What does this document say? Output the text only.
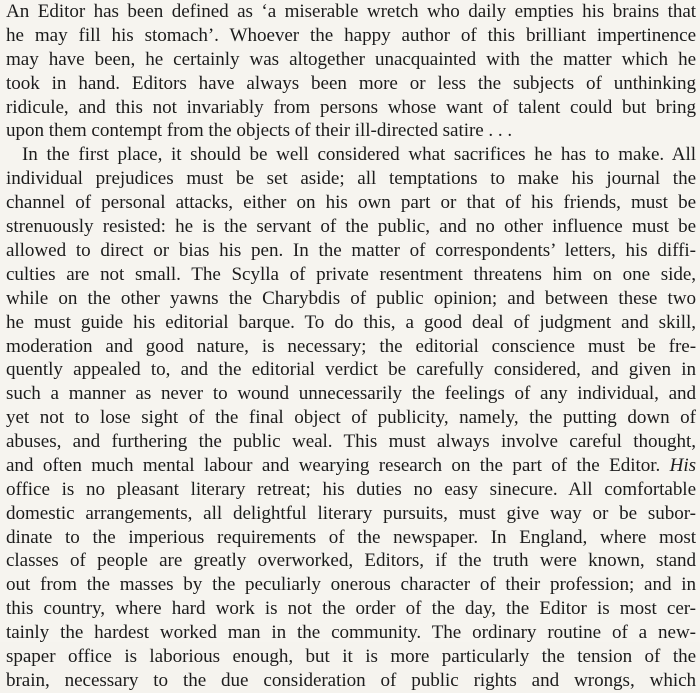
An Editor has been defined as ‘a miserable wretch who daily empties his brains that
he may fill his stomach’. Whoever the happy author of this brilliant impertinence
may have been, he certainly was altogether unacquainted with the matter which he
took in hand. Editors have always been more or less the subjects of unthinking
ridicule, and this not invariably from persons whose want of talent could but bring
upon them contempt from the objects of their ill-directed satire . . .
In the first place, it should be well considered what sacrifices he has to make. All
individual prejudices must be set aside; all temptations to make his journal the
channel of personal attacks, either on his own part or that of his friends, must be
strenuously resisted: he is the servant of the public, and no other influence must be
allowed to direct or bias his pen. In the matter of correspondents’ letters, his diffi-
culties are not small. The Scylla of private resentment threatens him on one side,
while on the other yawns the Charybdis of public opinion; and between these two
he must guide his editorial barque. To do this, a good deal of judgment and skill,
moderation and good nature, is necessary; the editorial conscience must be fre-
quently appealed to, and the editorial verdict be carefully considered, and given in
such a manner as never to wound unnecessarily the feelings of any individual, and
yet not to lose sight of the final object of publicity, namely, the putting down of
abuses, and furthering the public weal. This must always involve careful thought,
and often much mental labour and wearying research on the part of the Editor. His
office is no pleasant literary retreat; his duties no easy sinecure. All comfortable
domestic arrangements, all delightful literary pursuits, must give way or be subor-
dinate to the imperious requirements of the newspaper. In England, where most
classes of people are greatly overworked, Editors, if the truth were known, stand
out from the masses by the peculiarly onerous character of their profession; and in
this country, where hard work is not the order of the day, the Editor is most cer-
tainly the hardest worked man in the community. The ordinary routine of a new-
spaper office is laborious enough, but it is more particularly the tension of the
brain, necessary to the due consideration of public rights and wrongs, which
